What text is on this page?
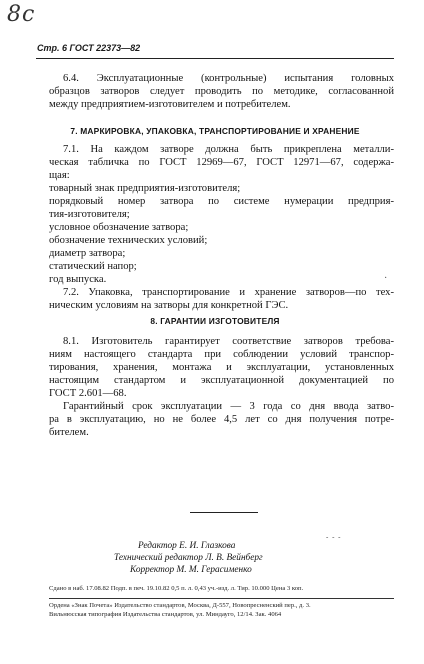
8с
Стр. 6 ГОСТ 22373—82
6.4. Эксплуатационные (контрольные) испытания головных
образцов затворов следует проводить по методике, согласованной
между предприятием-изготовителем и потребителем.
7. МАРКИРОВКА, УПАКОВКА, ТРАНСПОРТИРОВАНИЕ И ХРАНЕНИЕ
7.1. На каждом затворе должна быть прикреплена металли-
ческая табличка по ГОСТ 12969—67, ГОСТ 12971—67, содержа-
щая:
товарный знак предприятия-изготовителя;
порядковый номер затвора по системе нумерации предприя-
тия-изготовителя;
условное обозначение затвора;
обозначение технических условий;
диаметр затвора;
статический напор;
год выпуска.
7.2. Упаковка, транспортирование и хранение затворов—по тех-
ническим условиям на затворы для конкретной ГЭС.
·
8. ГАРАНТИИ ИЗГОТОВИТЕЛЯ
8.1. Изготовитель гарантирует соответствие затворов требова-
ниям настоящего стандарта при соблюдении условий транспор-
тирования, хранения, монтажа и эксплуатации, установленных
настоящим стандартом и эксплуатационной документацией по
ГОСТ 2.601—68.
Гарантийный срок эксплуатации — 3 года со дня ввода затво-
ра в эксплуатацию, но не более 4,5 лет со дня получения потре-
бителем.
‐ ‐ ‐
Редактор Е. И. Глазкова
Технический редактор Л. В. Вейнберг
Корректор М. М. Герасименко
Сдано в наб. 17.08.82 Подп. в печ. 19.10.82 0,5 п. л. 0,43 уч.-изд. л. Тир. 10.000 Цена 3 коп.
Ордена «Знак Почета» Издательство стандартов, Москва, Д-557, Новопресненский пер., д. 3.
Вильнюсская типография Издательства стандартов, ул. Миндауго, 12/14. Зак. 4064
